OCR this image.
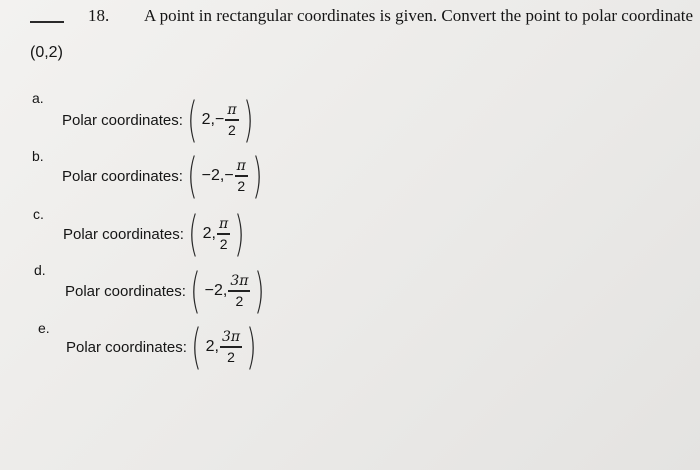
18. A point in rectangular coordinates is given. Convert the point to polar coordinate
(0,2)
a.
Polar coordinates: ( 2, − $\frac{\pi}{2}$ )
b.
Polar coordinates: ( −2, − $\frac{\pi}{2}$ )
c.
Polar coordinates: ( 2, $\frac{\pi}{2}$ )
d.
Polar coordinates: ( −2, $\frac{3\pi}{2}$ )
e.
Polar coordinates: ( 2, $\frac{3\pi}{2}$ )
